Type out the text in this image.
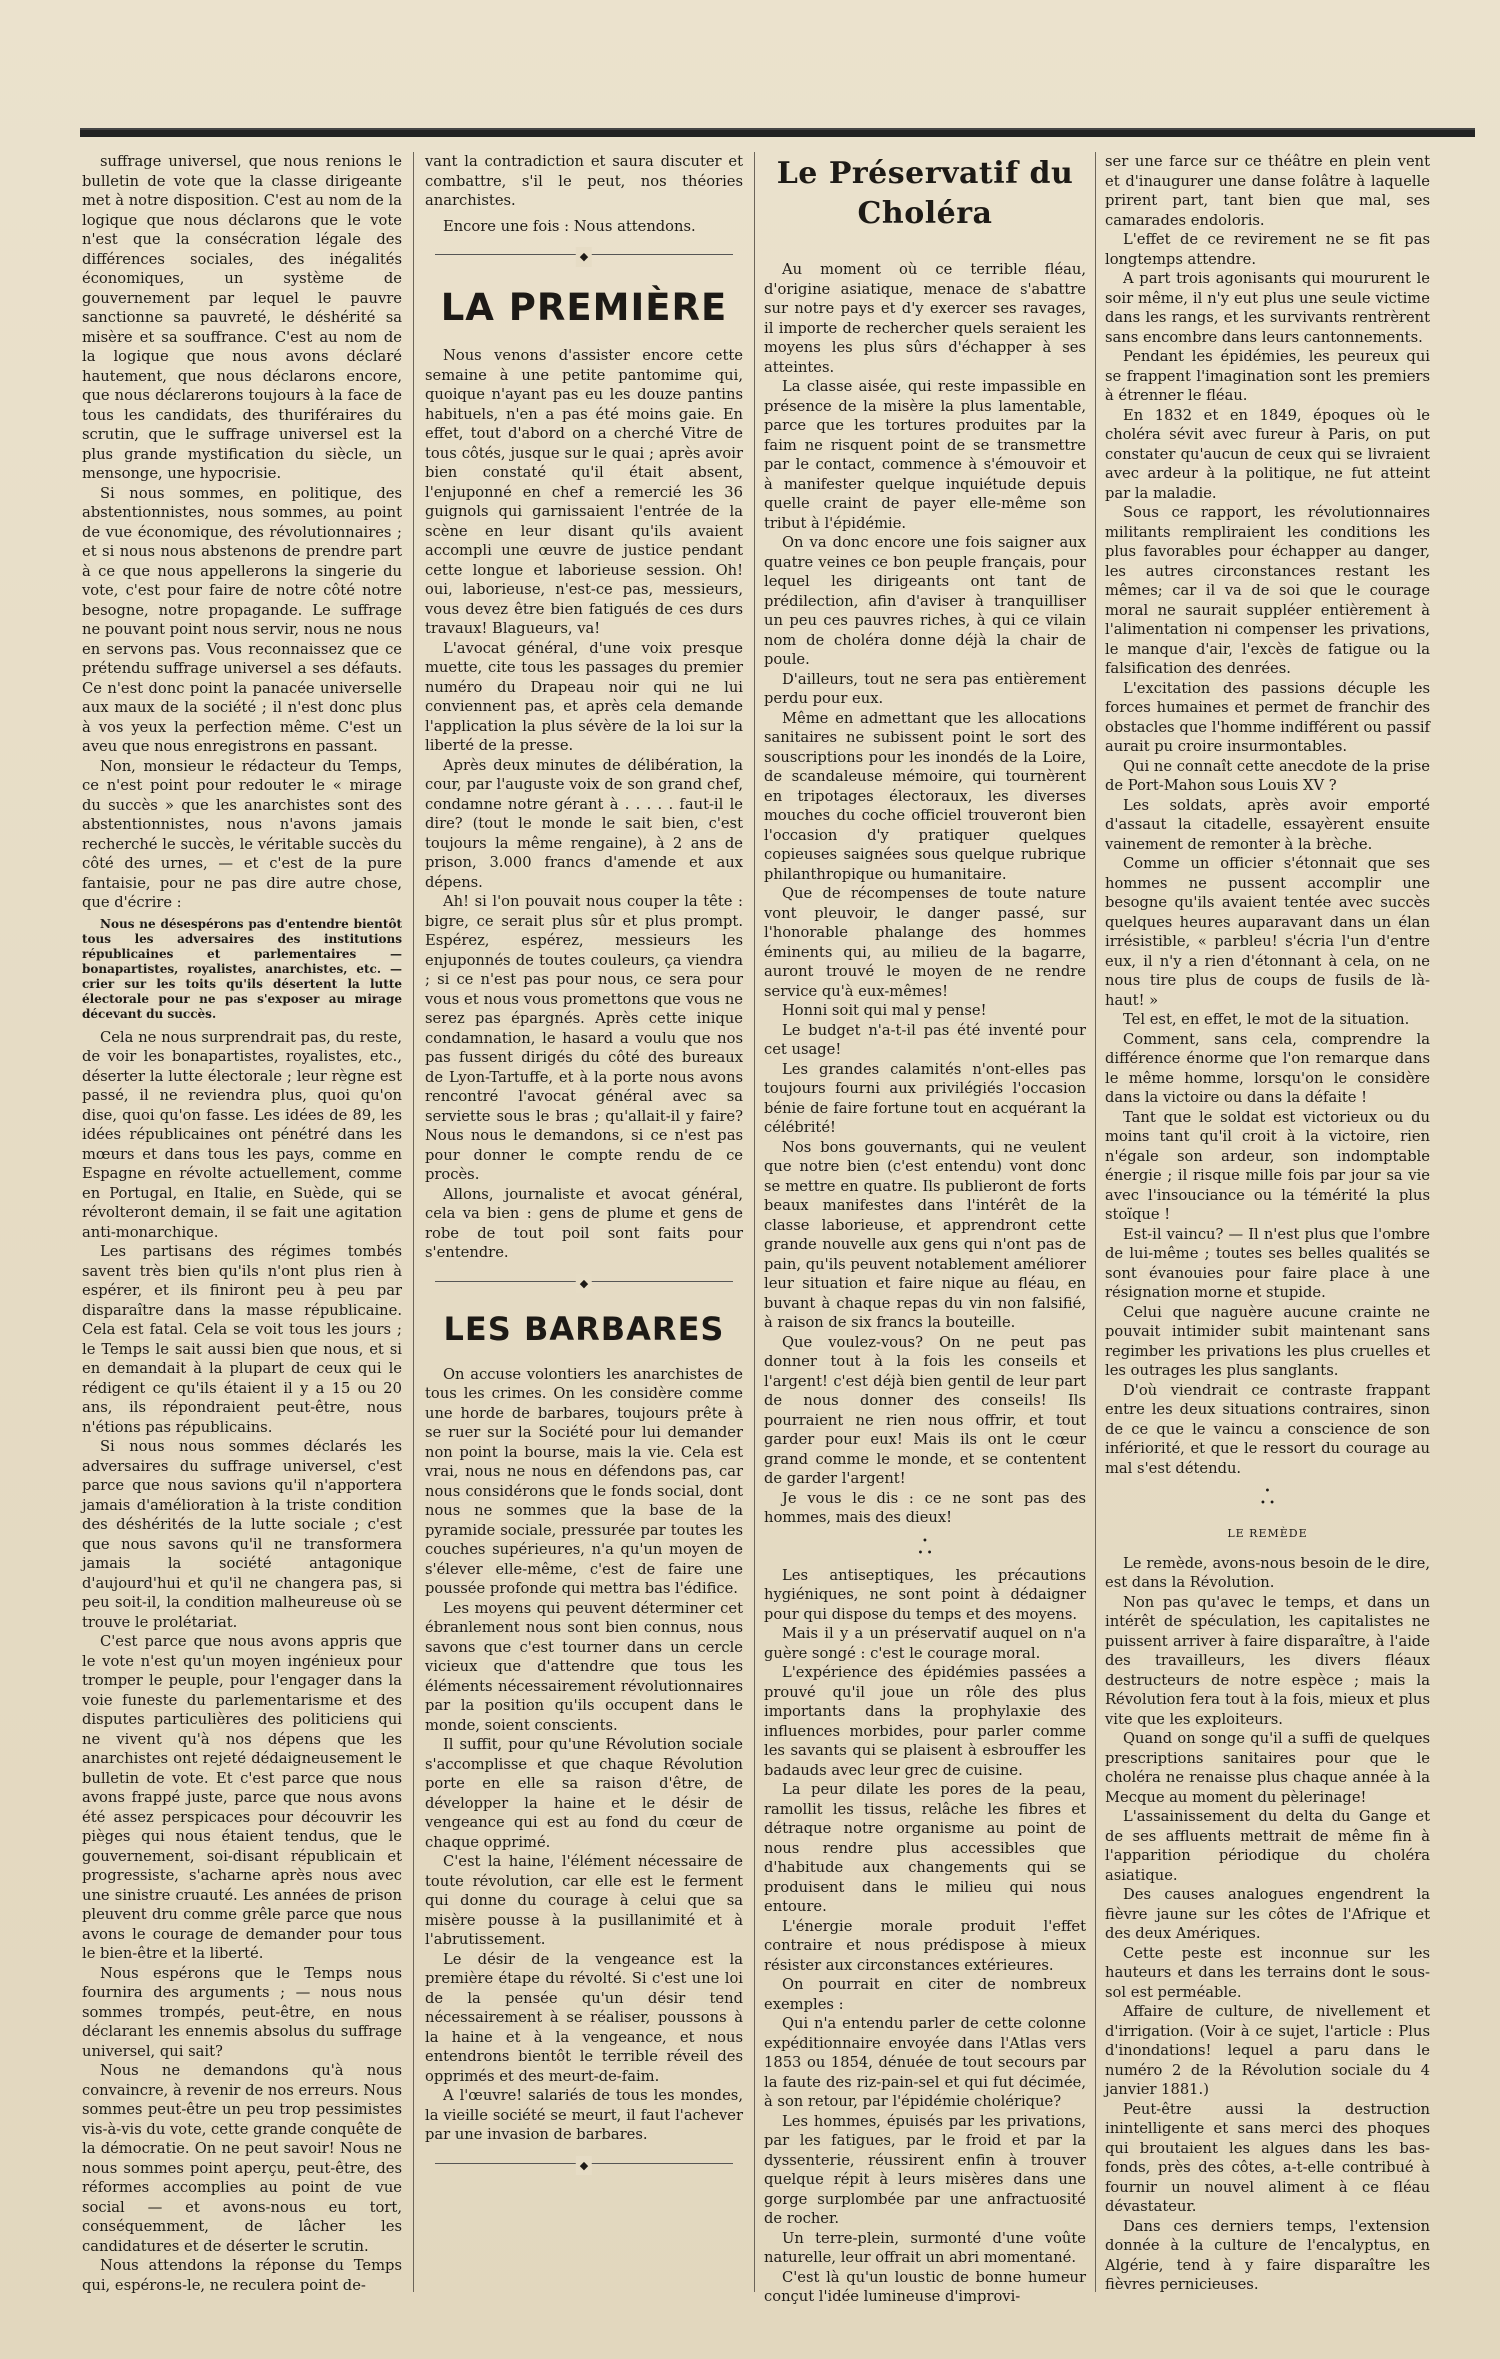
suffrage universel, que nous renions le bulletin de vote que la classe dirigeante met à notre disposition. C'est au nom de la logique que nous déclarons que le vote n'est que la consécration légale des différences sociales, des inégalités économiques, un système de gouvernement par lequel le pauvre sanctionne sa pauvreté, le déshérité sa misère et sa souffrance. C'est au nom de la logique que nous avons déclaré hautement, que nous déclarons encore, que nous déclarerons toujours à la face de tous les candidats, des thuriféraires du scrutin, que le suffrage universel est la plus grande mystification du siècle, un mensonge, une hypocrisie.

Si nous sommes, en politique, des abstentionnistes, nous sommes, au point de vue économique, des révolutionnaires ; et si nous nous abstenons de prendre part à ce que nous appellerons la singerie du vote, c'est pour faire de notre côté notre besogne, notre propagande. Le suffrage ne pouvant point nous servir, nous ne nous en servons pas. Vous reconnaissez que ce prétendu suffrage universel a ses défauts. Ce n'est donc point la panacée universelle aux maux de la société ; il n'est donc plus à vos yeux la perfection même. C'est un aveu que nous enregistrons en passant.

Non, monsieur le rédacteur du Temps, ce n'est point pour redouter le « mirage du succès » que les anarchistes sont des abstentionnistes, nous n'avons jamais recherché le succès, le véritable succès du côté des urnes, — et c'est de la pure fantaisie, pour ne pas dire autre chose, que d'écrire :

Nous ne désespérons pas d'entendre bientôt tous les adversaires des institutions républicaines et parlementaires — bonapartistes, royalistes, anarchistes, etc. — crier sur les toits qu'ils désertent la lutte électorale pour ne pas s'exposer au mirage décevant du succès.

Cela ne nous surprendrait pas, du reste, de voir les bonapartistes, royalistes, etc., déserter la lutte électorale ; leur règne est passé, il ne reviendra plus, quoi qu'on dise, quoi qu'on fasse. Les idées de 89, les idées républicaines ont pénétré dans les mœurs et dans tous les pays, comme en Espagne en révolte actuellement, comme en Portugal, en Italie, en Suède, qui se révolteront demain, il se fait une agitation anti-monarchique.

Les partisans des régimes tombés savent très bien qu'ils n'ont plus rien à espérer, et ils finiront peu à peu par disparaître dans la masse républicaine. Cela est fatal. Cela se voit tous les jours ; le Temps le sait aussi bien que nous, et si en demandait à la plupart de ceux qui le rédigent ce qu'ils étaient il y a 15 ou 20 ans, ils répondraient peut-être, nous n'étions pas républicains.

Si nous nous sommes déclarés les adversaires du suffrage universel, c'est parce que nous savions qu'il n'apportera jamais d'amélioration à la triste condition des déshérités de la lutte sociale ; c'est que nous savons qu'il ne transformera jamais la société antagonique d'aujourd'hui et qu'il ne changera pas, si peu soit-il, la condition malheureuse où se trouve le prolétariat.

C'est parce que nous avons appris que le vote n'est qu'un moyen ingénieux pour tromper le peuple, pour l'engager dans la voie funeste du parlementarisme et des disputes particulières des politiciens qui ne vivent qu'à nos dépens que les anarchistes ont rejeté dédaigneusement le bulletin de vote. Et c'est parce que nous avons frappé juste, parce que nous avons été assez perspicaces pour découvrir les pièges qui nous étaient tendus, que le gouvernement, soi-disant républicain et progressiste, s'acharne après nous avec une sinistre cruauté. Les années de prison pleuvent dru comme grêle parce que nous avons le courage de demander pour tous le bien-être et la liberté.

Nous espérons que le Temps nous fournira des arguments ; — nous nous sommes trompés, peut-être, en nous déclarant les ennemis absolus du suffrage universel, qui sait?

Nous ne demandons qu'à nous convaincre, à revenir de nos erreurs. Nous sommes peut-être un peu trop pessimistes vis-à-vis du vote, cette grande conquête de la démocratie. On ne peut savoir! Nous ne nous sommes point aperçu, peut-être, des réformes accomplies au point de vue social — et avons-nous eu tort, conséquemment, de lâcher les candidatures et de déserter le scrutin.

Nous attendons la réponse du Temps qui, espérons-le, ne reculera point de-

vant la contradiction et saura discuter et combattre, s'il le peut, nos théories anarchistes.

Encore une fois : Nous attendons.

◆
LA PREMIÈRE

Nous venons d'assister encore cette semaine à une petite pantomime qui, quoique n'ayant pas eu les douze pantins habituels, n'en a pas été moins gaie. En effet, tout d'abord on a cherché Vitre de tous côtés, jusque sur le quai ; après avoir bien constaté qu'il était absent, l'enjuponné en chef a remercié les 36 guignols qui garnissaient l'entrée de la scène en leur disant qu'ils avaient accompli une œuvre de justice pendant cette longue et laborieuse session. Oh! oui, laborieuse, n'est-ce pas, messieurs, vous devez être bien fatigués de ces durs travaux! Blagueurs, va!

L'avocat général, d'une voix presque muette, cite tous les passages du premier numéro du Drapeau noir qui ne lui conviennent pas, et après cela demande l'application la plus sévère de la loi sur la liberté de la presse.

Après deux minutes de délibération, la cour, par l'auguste voix de son grand chef, condamne notre gérant à . . . . . faut-il le dire? (tout le monde le sait bien, c'est toujours la même rengaine), à 2 ans de prison, 3.000 francs d'amende et aux dépens.

Ah! si l'on pouvait nous couper la tête : bigre, ce serait plus sûr et plus prompt. Espérez, espérez, messieurs les enjuponnés de toutes couleurs, ça viendra ; si ce n'est pas pour nous, ce sera pour vous et nous vous promettons que vous ne serez pas épargnés. Après cette inique condamnation, le hasard a voulu que nos pas fussent dirigés du côté des bureaux de Lyon-Tartuffe, et à la porte nous avons rencontré l'avocat général avec sa serviette sous le bras ; qu'allait-il y faire? Nous nous le demandons, si ce n'est pas pour donner le compte rendu de ce procès.

Allons, journaliste et avocat général, cela va bien : gens de plume et gens de robe de tout poil sont faits pour s'entendre.

◆
LES BARBARES

On accuse volontiers les anarchistes de tous les crimes. On les considère comme une horde de barbares, toujours prête à se ruer sur la Société pour lui demander non point la bourse, mais la vie. Cela est vrai, nous ne nous en défendons pas, car nous considérons que le fonds social, dont nous ne sommes que la base de la pyramide sociale, pressurée par toutes les couches supérieures, n'a qu'un moyen de s'élever elle-même, c'est de faire une poussée profonde qui mettra bas l'édifice.

Les moyens qui peuvent déterminer cet ébranlement nous sont bien connus, nous savons que c'est tourner dans un cercle vicieux que d'attendre que tous les éléments nécessairement révolutionnaires par la position qu'ils occupent dans le monde, soient conscients.

Il suffit, pour qu'une Révolution sociale s'accomplisse et que chaque Révolution porte en elle sa raison d'être, de développer la haine et le désir de vengeance qui est au fond du cœur de chaque opprimé.

C'est la haine, l'élément nécessaire de toute révolution, car elle est le ferment qui donne du courage à celui que sa misère pousse à la pusillanimité et à l'abrutissement.

Le désir de la vengeance est la première étape du révolté. Si c'est une loi de la pensée qu'un désir tend nécessairement à se réaliser, poussons à la haine et à la vengeance, et nous entendrons bientôt le terrible réveil des opprimés et des meurt-de-faim.

A l'œuvre! salariés de tous les mondes, la vieille société se meurt, il faut l'achever par une invasion de barbares.

◆
Le Préservatif du Choléra

Au moment où ce terrible fléau, d'origine asiatique, menace de s'abattre sur notre pays et d'y exercer ses ravages, il importe de rechercher quels seraient les moyens les plus sûrs d'échapper à ses atteintes.

La classe aisée, qui reste impassible en présence de la misère la plus lamentable, parce que les tortures produites par la faim ne risquent point de se transmettre par le contact, commence à s'émouvoir et à manifester quelque inquiétude depuis quelle craint de payer elle-même son tribut à l'épidémie.

On va donc encore une fois saigner aux quatre veines ce bon peuple français, pour lequel les dirigeants ont tant de prédilection, afin d'aviser à tranquilliser un peu ces pauvres riches, à qui ce vilain nom de choléra donne déjà la chair de poule.

D'ailleurs, tout ne sera pas entièrement perdu pour eux.

Même en admettant que les allocations sanitaires ne subissent point le sort des souscriptions pour les inondés de la Loire, de scandaleuse mémoire, qui tournèrent en tripotages électoraux, les diverses mouches du coche officiel trouveront bien l'occasion d'y pratiquer quelques copieuses saignées sous quelque rubrique philanthropique ou humanitaire.

Que de récompenses de toute nature vont pleuvoir, le danger passé, sur l'honorable phalange des hommes éminents qui, au milieu de la bagarre, auront trouvé le moyen de ne rendre service qu'à eux-mêmes!

Honni soit qui mal y pense!

Le budget n'a-t-il pas été inventé pour cet usage!

Les grandes calamités n'ont-elles pas toujours fourni aux privilégiés l'occasion bénie de faire fortune tout en acquérant la célébrité!

Nos bons gouvernants, qui ne veulent que notre bien (c'est entendu) vont donc se mettre en quatre. Ils publieront de forts beaux manifestes dans l'intérêt de la classe laborieuse, et apprendront cette grande nouvelle aux gens qui n'ont pas de pain, qu'ils peuvent notablement améliorer leur situation et faire nique au fléau, en buvant à chaque repas du vin non falsifié, à raison de six francs la bouteille.

Que voulez-vous? On ne peut pas donner tout à la fois les conseils et l'argent! c'est déjà bien gentil de leur part de nous donner des conseils! Ils pourraient ne rien nous offrir, et tout garder pour eux! Mais ils ont le cœur grand comme le monde, et se contentent de garder l'argent!

Je vous le dis : ce ne sont pas des hommes, mais des dieux!

•
• •

Les antiseptiques, les précautions hygiéniques, ne sont point à dédaigner pour qui dispose du temps et des moyens.

Mais il y a un préservatif auquel on n'a guère songé : c'est le courage moral.

L'expérience des épidémies passées a prouvé qu'il joue un rôle des plus importants dans la prophylaxie des influences morbides, pour parler comme les savants qui se plaisent à esbrouffer les badauds avec leur grec de cuisine.

La peur dilate les pores de la peau, ramollit les tissus, relâche les fibres et détraque notre organisme au point de nous rendre plus accessibles que d'habitude aux changements qui se produisent dans le milieu qui nous entoure.

L'énergie morale produit l'effet contraire et nous prédispose à mieux résister aux circonstances extérieures.

On pourrait en citer de nombreux exemples :

Qui n'a entendu parler de cette colonne expéditionnaire envoyée dans l'Atlas vers 1853 ou 1854, dénuée de tout secours par la faute des riz-pain-sel et qui fut décimée, à son retour, par l'épidémie cholérique?

Les hommes, épuisés par les privations, par les fatigues, par le froid et par la dyssenterie, réussirent enfin à trouver quelque répit à leurs misères dans une gorge surplombée par une anfractuosité de rocher.

Un terre-plein, surmonté d'une voûte naturelle, leur offrait un abri momentané.

C'est là qu'un loustic de bonne humeur conçut l'idée lumineuse d'improvi-

ser une farce sur ce théâtre en plein vent et d'inaugurer une danse folâtre à laquelle prirent part, tant bien que mal, ses camarades endoloris.

L'effet de ce revirement ne se fit pas longtemps attendre.

A part trois agonisants qui moururent le soir même, il n'y eut plus une seule victime dans les rangs, et les survivants rentrèrent sans encombre dans leurs cantonnements.

Pendant les épidémies, les peureux qui se frappent l'imagination sont les premiers à étrenner le fléau.

En 1832 et en 1849, époques où le choléra sévit avec fureur à Paris, on put constater qu'aucun de ceux qui se livraient avec ardeur à la politique, ne fut atteint par la maladie.

Sous ce rapport, les révolutionnaires militants rempliraient les conditions les plus favorables pour échapper au danger, les autres circonstances restant les mêmes; car il va de soi que le courage moral ne saurait suppléer entièrement à l'alimentation ni compenser les privations, le manque d'air, l'excès de fatigue ou la falsification des denrées.

L'excitation des passions décuple les forces humaines et permet de franchir des obstacles que l'homme indifférent ou passif aurait pu croire insurmontables.

Qui ne connaît cette anecdote de la prise de Port-Mahon sous Louis XV ?

Les soldats, après avoir emporté d'assaut la citadelle, essayèrent ensuite vainement de remonter à la brèche.

Comme un officier s'étonnait que ses hommes ne pussent accomplir une besogne qu'ils avaient tentée avec succès quelques heures auparavant dans un élan irrésistible, « parbleu! s'écria l'un d'entre eux, il n'y a rien d'étonnant à cela, on ne nous tire plus de coups de fusils de là-haut! »

Tel est, en effet, le mot de la situation.

Comment, sans cela, comprendre la différence énorme que l'on remarque dans le même homme, lorsqu'on le considère dans la victoire ou dans la défaite !

Tant que le soldat est victorieux ou du moins tant qu'il croit à la victoire, rien n'égale son ardeur, son indomptable énergie ; il risque mille fois par jour sa vie avec l'insouciance ou la témérité la plus stoïque !

Est-il vaincu? — Il n'est plus que l'ombre de lui-même ; toutes ses belles qualités se sont évanouies pour faire place à une résignation morne et stupide.

Celui que naguère aucune crainte ne pouvait intimider subit maintenant sans regimber les privations les plus cruelles et les outrages les plus sanglants.

D'où viendrait ce contraste frappant entre les deux situations contraires, sinon de ce que le vaincu a conscience de son infériorité, et que le ressort du courage au mal s'est détendu.

•
• •
LE REMÈDE

Le remède, avons-nous besoin de le dire, est dans la Révolution.

Non pas qu'avec le temps, et dans un intérêt de spéculation, les capitalistes ne puissent arriver à faire disparaître, à l'aide des travailleurs, les divers fléaux destructeurs de notre espèce ; mais la Révolution fera tout à la fois, mieux et plus vite que les exploiteurs.

Quand on songe qu'il a suffi de quelques prescriptions sanitaires pour que le choléra ne renaisse plus chaque année à la Mecque au moment du pèlerinage!

L'assainissement du delta du Gange et de ses affluents mettrait de même fin à l'apparition périodique du choléra asiatique.

Des causes analogues engendrent la fièvre jaune sur les côtes de l'Afrique et des deux Amériques.

Cette peste est inconnue sur les hauteurs et dans les terrains dont le sous-sol est perméable.

Affaire de culture, de nivellement et d'irrigation. (Voir à ce sujet, l'article : Plus d'inondations! lequel a paru dans le numéro 2 de la Révolution sociale du 4 janvier 1881.)

Peut-être aussi la destruction inintelligente et sans merci des phoques qui broutaient les algues dans les bas-fonds, près des côtes, a-t-elle contribué à fournir un nouvel aliment à ce fléau dévastateur.

Dans ces derniers temps, l'extension donnée à la culture de l'encalyptus, en Algérie, tend à y faire disparaître les fièvres pernicieuses.
